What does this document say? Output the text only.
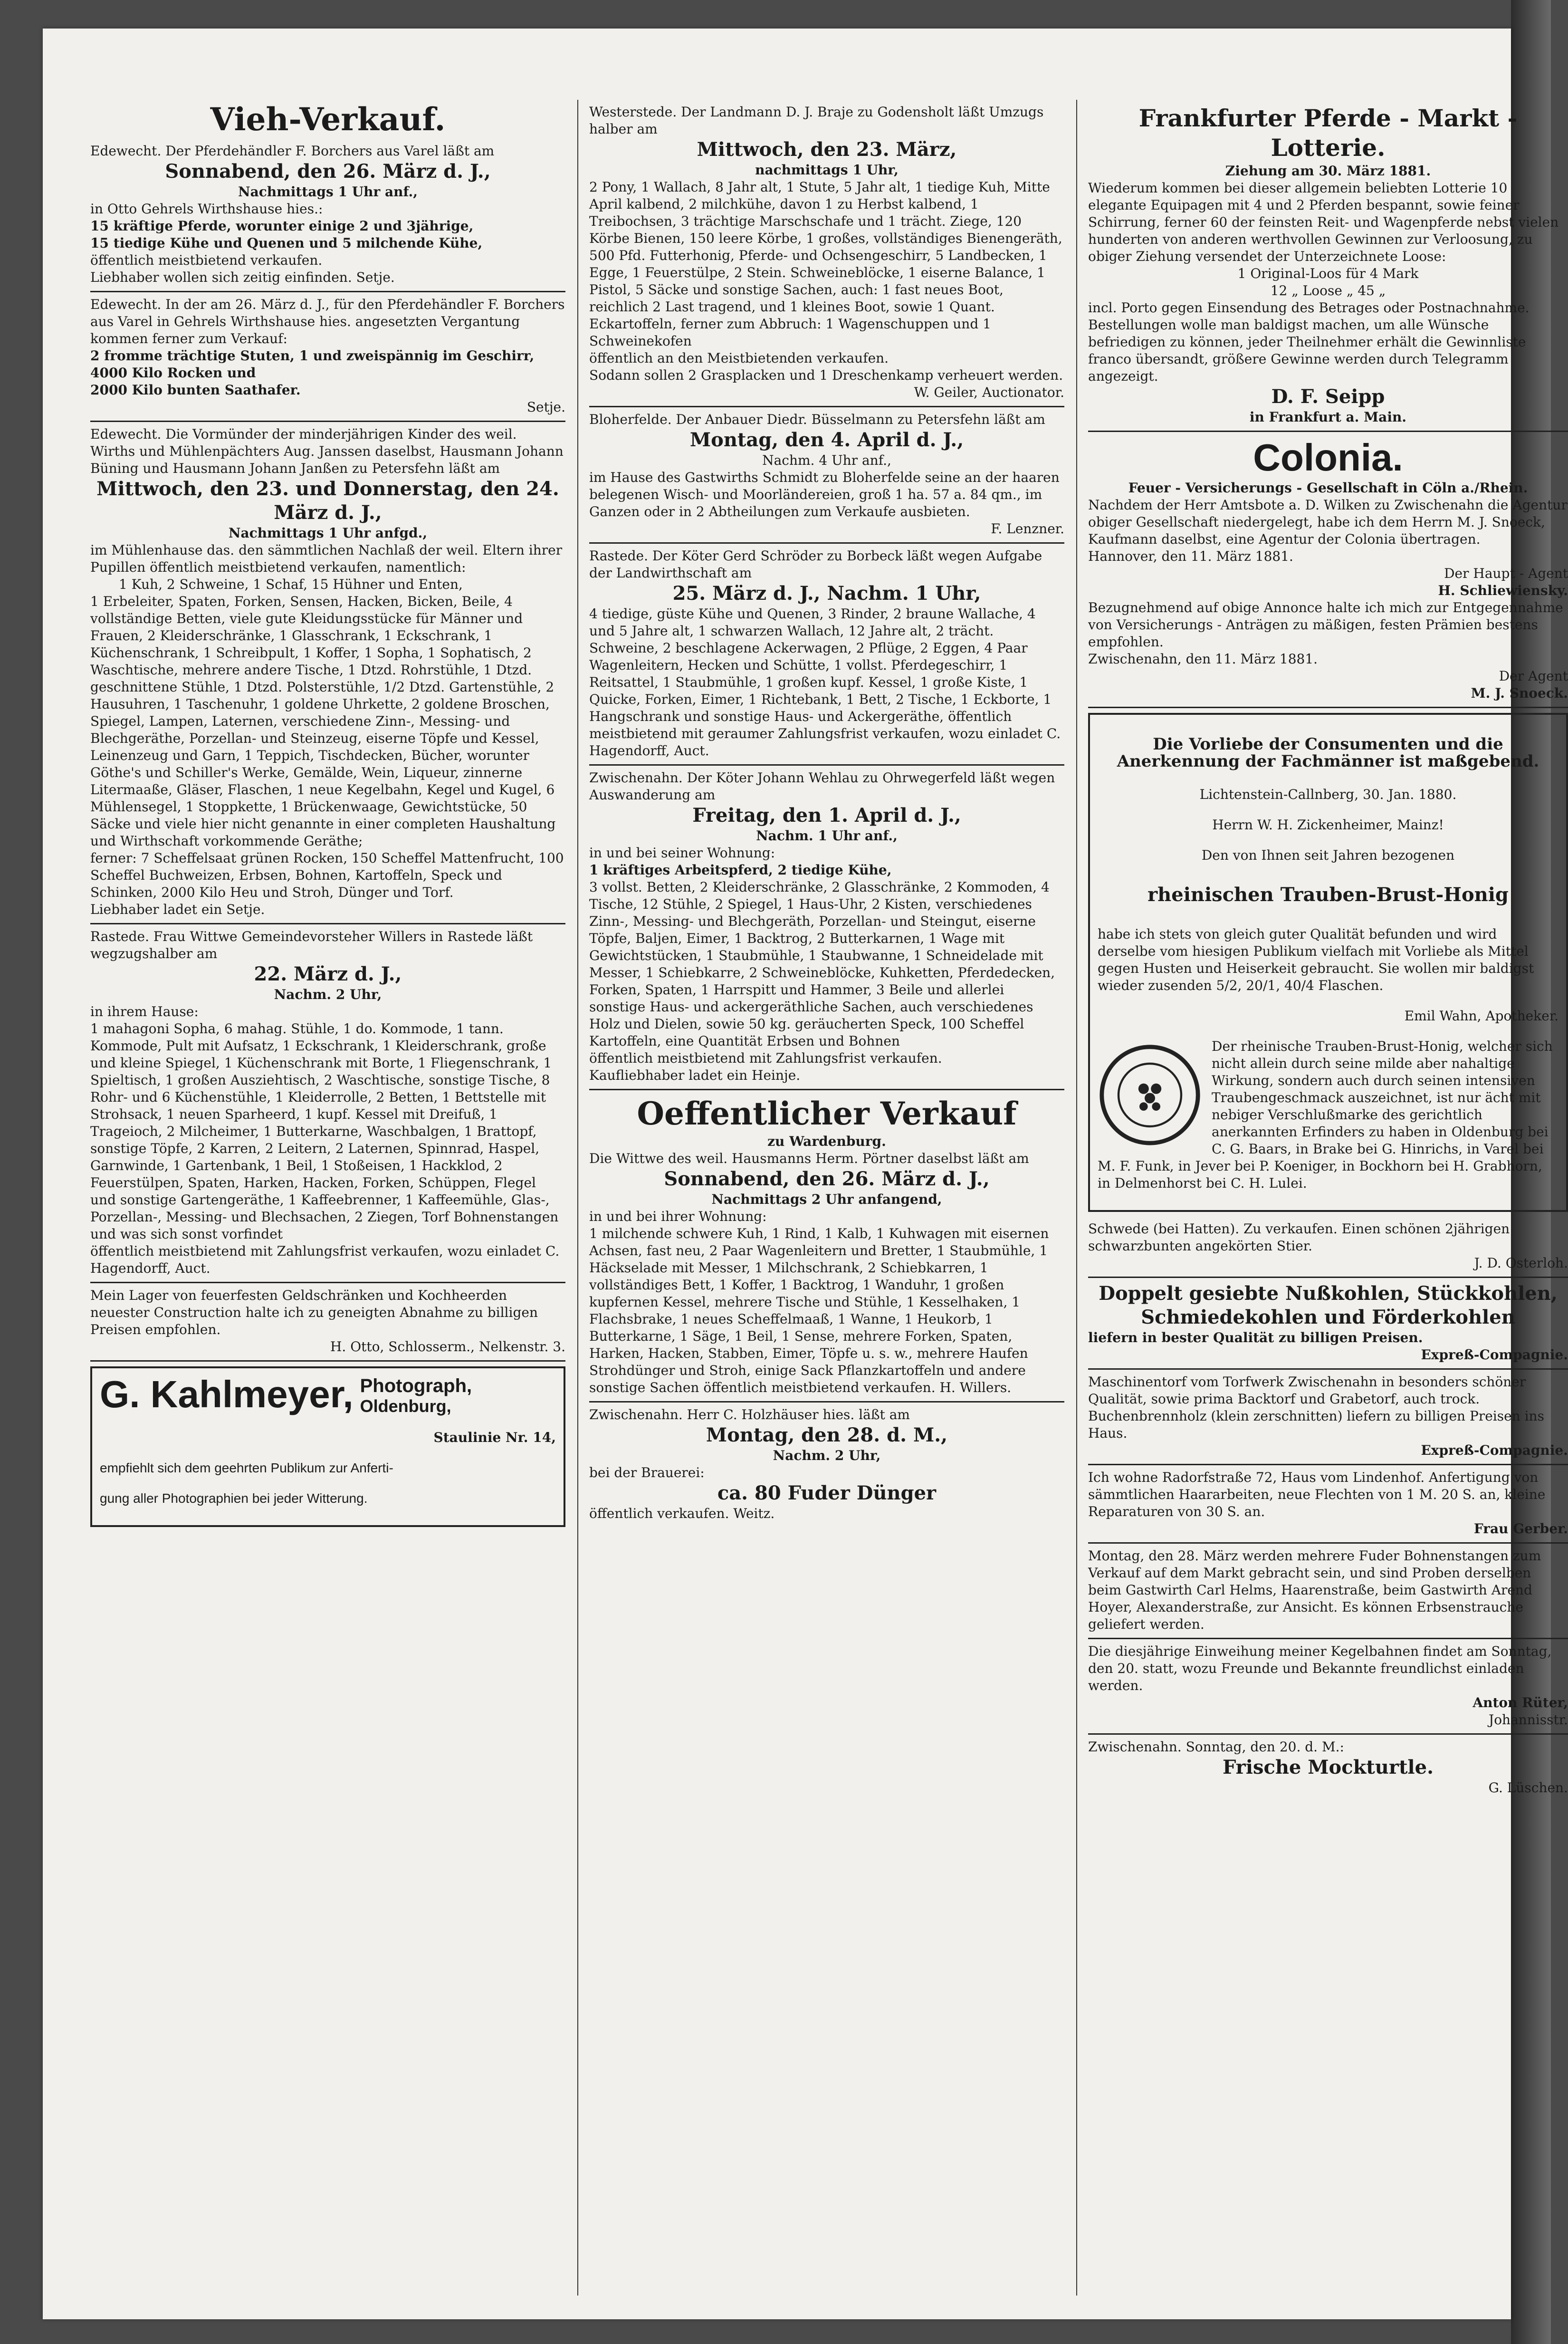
Vieh-Verkauf.

Edewecht. Der Pferdehändler F. Borchers aus Varel läßt am

Sonnabend, den 26. März d. J.,

Nachmittags 1 Uhr anf.,

in Otto Gehrels Wirthshause hies.:

15 kräftige Pferde, worunter einige 2 und 3jährige,

15 tiedige Kühe und Quenen und 5 milchende Kühe,

öffentlich meistbietend verkaufen.

Liebhaber wollen sich zeitig einfinden. Setje.

Edewecht. In der am 26. März d. J., für den Pferdehändler F. Borchers aus Varel in Gehrels Wirthshause hies. angesetzten Vergantung kommen ferner zum Verkauf:

2 fromme trächtige Stuten, 1 und zweispännig im Geschirr,

4000 Kilo Rocken und

2000 Kilo bunten Saathafer.

Setje.

Edewecht. Die Vormünder der minderjährigen Kinder des weil. Wirths und Mühlenpächters Aug. Janssen daselbst, Hausmann Johann Büning und Hausmann Johann Janßen zu Petersfehn läßt am

Mittwoch, den 23. und Donnerstag, den 24. März d. J.,

Nachmittags 1 Uhr anfgd.,

im Mühlenhause das. den sämmtlichen Nachlaß der weil. Eltern ihrer Pupillen öffentlich meistbietend verkaufen, namentlich:

1 Kuh, 2 Schweine, 1 Schaf, 15 Hühner und Enten,

1 Erbeleiter, Spaten, Forken, Sensen, Hacken, Bicken, Beile, 4 vollständige Betten, viele gute Kleidungsstücke für Männer und Frauen, 2 Kleiderschränke, 1 Glasschrank, 1 Eckschrank, 1 Küchenschrank, 1 Schreibpult, 1 Koffer, 1 Sopha, 1 Sophatisch, 2 Waschtische, mehrere andere Tische, 1 Dtzd. Rohrstühle, 1 Dtzd. geschnittene Stühle, 1 Dtzd. Polsterstühle, 1/2 Dtzd. Gartenstühle, 2 Hausuhren, 1 Taschenuhr, 1 goldene Uhrkette, 2 goldene Broschen, Spiegel, Lampen, Laternen, verschiedene Zinn-, Messing- und Blechgeräthe, Porzellan- und Steinzeug, eiserne Töpfe und Kessel, Leinenzeug und Garn, 1 Teppich, Tischdecken, Bücher, worunter Göthe's und Schiller's Werke, Gemälde, Wein, Liqueur, zinnerne Litermaaße, Gläser, Flaschen, 1 neue Kegelbahn, Kegel und Kugel, 6 Mühlensegel, 1 Stoppkette, 1 Brückenwaage, Gewichtstücke, 50 Säcke und viele hier nicht genannte in einer completen Haushaltung und Wirthschaft vorkommende Geräthe;

ferner: 7 Scheffelsaat grünen Rocken, 150 Scheffel Mattenfrucht, 100 Scheffel Buchweizen, Erbsen, Bohnen, Kartoffeln, Speck und Schinken, 2000 Kilo Heu und Stroh, Dünger und Torf.

Liebhaber ladet ein Setje.

Rastede. Frau Wittwe Gemeindevorsteher Willers in Rastede läßt wegzugshalber am

22. März d. J.,

Nachm. 2 Uhr,

in ihrem Hause:

1 mahagoni Sopha, 6 mahag. Stühle, 1 do. Kommode, 1 tann. Kommode, Pult mit Aufsatz, 1 Eckschrank, 1 Kleiderschrank, große und kleine Spiegel, 1 Küchenschrank mit Borte, 1 Fliegenschrank, 1 Spieltisch, 1 großen Ausziehtisch, 2 Waschtische, sonstige Tische, 8 Rohr- und 6 Küchenstühle, 1 Kleiderrolle, 2 Betten, 1 Bettstelle mit Strohsack, 1 neuen Sparheerd, 1 kupf. Kessel mit Dreifuß, 1 Trageioch, 2 Milcheimer, 1 Butterkarne, Waschbalgen, 1 Brattopf, sonstige Töpfe, 2 Karren, 2 Leitern, 2 Laternen, Spinnrad, Haspel, Garnwinde, 1 Gartenbank, 1 Beil, 1 Stoßeisen, 1 Hackklod, 2 Feuerstülpen, Spaten, Harken, Hacken, Forken, Schüppen, Flegel und sonstige Gartengeräthe, 1 Kaffeebrenner, 1 Kaffeemühle, Glas-, Porzellan-, Messing- und Blechsachen, 2 Ziegen, Torf Bohnenstangen und was sich sonst vorfindet

öffentlich meistbietend mit Zahlungsfrist verkaufen, wozu einladet C. Hagendorff, Auct.

Mein Lager von feuerfesten Geldschränken und Kochheerden neuester Construction halte ich zu geneigten Abnahme zu billigen Preisen empfohlen.

H. Otto, Schlosserm., Nelkenstr. 3.

G. Kahlmeyer, Photograph,
Oldenburg,

Staulinie Nr. 14,

empfiehlt sich dem geehrten Publikum zur Anferti-

gung aller Photographien bei jeder Witterung.

Westerstede. Der Landmann D. J. Braje zu Godensholt läßt Umzugs halber am

Mittwoch, den 23. März,

nachmittags 1 Uhr,

2 Pony, 1 Wallach, 8 Jahr alt, 1 Stute, 5 Jahr alt, 1 tiedige Kuh, Mitte April kalbend, 2 milchkühe, davon 1 zu Herbst kalbend, 1 Treibochsen, 3 trächtige Marschschafe und 1 trächt. Ziege, 120 Körbe Bienen, 150 leere Körbe, 1 großes, vollständiges Bienengeräth, 500 Pfd. Futterhonig, Pferde- und Ochsengeschirr, 5 Landbecken, 1 Egge, 1 Feuerstülpe, 2 Stein. Schweineblöcke, 1 eiserne Balance, 1 Pistol, 5 Säcke und sonstige Sachen, auch: 1 fast neues Boot, reichlich 2 Last tragend, und 1 kleines Boot, sowie 1 Quant. Eckartoffeln, ferner zum Abbruch: 1 Wagenschuppen und 1 Schweinekofen

öffentlich an den Meistbietenden verkaufen.

Sodann sollen 2 Grasplacken und 1 Dreschenkamp verheuert werden.

W. Geiler, Auctionator.

Bloherfelde. Der Anbauer Diedr. Büsselmann zu Petersfehn läßt am

Montag, den 4. April d. J.,

Nachm. 4 Uhr anf.,

im Hause des Gastwirths Schmidt zu Bloherfelde seine an der haaren belegenen Wisch- und Moorländereien, groß 1 ha. 57 a. 84 qm., im Ganzen oder in 2 Abtheilungen zum Verkaufe ausbieten.

F. Lenzner.

Rastede. Der Köter Gerd Schröder zu Borbeck läßt wegen Aufgabe der Landwirthschaft am

25. März d. J., Nachm. 1 Uhr,

4 tiedige, güste Kühe und Quenen, 3 Rinder, 2 braune Wallache, 4 und 5 Jahre alt, 1 schwarzen Wallach, 12 Jahre alt, 2 trächt. Schweine, 2 beschlagene Ackerwagen, 2 Pflüge, 2 Eggen, 4 Paar Wagenleitern, Hecken und Schütte, 1 vollst. Pferdegeschirr, 1 Reitsattel, 1 Staubmühle, 1 großen kupf. Kessel, 1 große Kiste, 1 Quicke, Forken, Eimer, 1 Richtebank, 1 Bett, 2 Tische, 1 Eckborte, 1 Hangschrank und sonstige Haus- und Ackergeräthe, öffentlich meistbietend mit geraumer Zahlungsfrist verkaufen, wozu einladet C. Hagendorff, Auct.

Zwischenahn. Der Köter Johann Wehlau zu Ohrwegerfeld läßt wegen Auswanderung am

Freitag, den 1. April d. J.,

Nachm. 1 Uhr anf.,

in und bei seiner Wohnung:

1 kräftiges Arbeitspferd, 2 tiedige Kühe,

3 vollst. Betten, 2 Kleiderschränke, 2 Glasschränke, 2 Kommoden, 4 Tische, 12 Stühle, 2 Spiegel, 1 Haus-Uhr, 2 Kisten, verschiedenes Zinn-, Messing- und Blechgeräth, Porzellan- und Steingut, eiserne Töpfe, Baljen, Eimer, 1 Backtrog, 2 Butterkarnen, 1 Wage mit Gewichtstücken, 1 Staubmühle, 1 Staubwanne, 1 Schneidelade mit Messer, 1 Schiebkarre, 2 Schweineblöcke, Kuhketten, Pferdedecken, Forken, Spaten, 1 Harrspitt und Hammer, 3 Beile und allerlei sonstige Haus- und ackergeräthliche Sachen, auch verschiedenes Holz und Dielen, sowie 50 kg. geräucherten Speck, 100 Scheffel Kartoffeln, eine Quantität Erbsen und Bohnen

öffentlich meistbietend mit Zahlungsfrist verkaufen.

Kaufliebhaber ladet ein Heinje.

Oeffentlicher Verkauf

zu Wardenburg.

Die Wittwe des weil. Hausmanns Herm. Pörtner daselbst läßt am

Sonnabend, den 26. März d. J.,

Nachmittags 2 Uhr anfangend,

in und bei ihrer Wohnung:

1 milchende schwere Kuh, 1 Rind, 1 Kalb, 1 Kuhwagen mit eisernen Achsen, fast neu, 2 Paar Wagenleitern und Bretter, 1 Staubmühle, 1 Häckselade mit Messer, 1 Milchschrank, 2 Schiebkarren, 1 vollständiges Bett, 1 Koffer, 1 Backtrog, 1 Wanduhr, 1 großen kupfernen Kessel, mehrere Tische und Stühle, 1 Kesselhaken, 1 Flachsbrake, 1 neues Scheffelmaaß, 1 Wanne, 1 Heukorb, 1 Butterkarne, 1 Säge, 1 Beil, 1 Sense, mehrere Forken, Spaten, Harken, Hacken, Stabben, Eimer, Töpfe u. s. w., mehrere Haufen Strohdünger und Stroh, einige Sack Pflanzkartoffeln und andere sonstige Sachen öffentlich meistbietend verkaufen. H. Willers.

Zwischenahn. Herr C. Holzhäuser hies. läßt am

Montag, den 28. d. M.,

Nachm. 2 Uhr,

bei der Brauerei:

ca. 80 Fuder Dünger

öffentlich verkaufen. Weitz.

Frankfurter Pferde - Markt - Lotterie.

Ziehung am 30. März 1881.

Wiederum kommen bei dieser allgemein beliebten Lotterie 10 elegante Equipagen mit 4 und 2 Pferden bespannt, sowie feiner Schirrung, ferner 60 der feinsten Reit- und Wagenpferde nebst vielen hunderten von anderen werthvollen Gewinnen zur Verloosung, zu obiger Ziehung versendet der Unterzeichnete Loose:

1 Original-Loos für 4 Mark

12 „ Loose „ 45 „

incl. Porto gegen Einsendung des Betrages oder Postnachnahme.

Bestellungen wolle man baldigst machen, um alle Wünsche befriedigen zu können, jeder Theilnehmer erhält die Gewinnliste franco übersandt, größere Gewinne werden durch Telegramm angezeigt.

D. F. Seipp

in Frankfurt a. Main.

Colonia.

Feuer - Versicherungs - Gesellschaft in Cöln a./Rhein.

Nachdem der Herr Amtsbote a. D. Wilken zu Zwischenahn die Agentur obiger Gesellschaft niedergelegt, habe ich dem Herrn M. J. Snoeck, Kaufmann daselbst, eine Agentur der Colonia übertragen.

Hannover, den 11. März 1881.

Der Haupt - Agent

H. Schliewiensky.

Bezugnehmend auf obige Annonce halte ich mich zur Entgegennahme von Versicherungs - Anträgen zu mäßigen, festen Prämien bestens empfohlen.

Zwischenahn, den 11. März 1881.

Der Agent

M. J. Snoeck.

Die Vorliebe der Consumenten und die Anerkennung der Fachmänner ist maßgebend.

Lichtenstein-Callnberg, 30. Jan. 1880.

Herrn W. H. Zickenheimer, Mainz!

Den von Ihnen seit Jahren bezogenen

rheinischen Trauben-Brust-Honig

habe ich stets von gleich guter Qualität befunden und wird derselbe vom hiesigen Publikum vielfach mit Vorliebe als Mittel gegen Husten und Heiserkeit gebraucht. Sie wollen mir baldigst wieder zusenden 5/2, 20/1, 40/4 Flaschen.

Emil Wahn, Apotheker.

Der rheinische Trauben-Brust-Honig, welcher sich nicht allein durch seine milde aber nahaltige Wirkung, sondern auch durch seinen intensiven Traubengeschmack auszeichnet, ist nur ächt mit nebiger Verschlußmarke des gerichtlich anerkannten Erfinders zu haben in Oldenburg bei C. G. Baars, in Brake bei G. Hinrichs, in Varel bei M. F. Funk, in Jever bei P. Koeniger, in Bockhorn bei H. Grabhorn, in Delmenhorst bei C. H. Lulei.

Schwede (bei Hatten). Zu verkaufen. Einen schönen 2jährigen schwarzbunten angekörten Stier.

J. D. Osterloh.

Doppelt gesiebte Nußkohlen, Stückkohlen, Schmiedekohlen und Förderkohlen

liefern in bester Qualität zu billigen Preisen.

Expreß-Compagnie.

Maschinentorf vom Torfwerk Zwischenahn in besonders schöner Qualität, sowie prima Backtorf und Grabetorf, auch trock. Buchenbrennholz (klein zerschnitten) liefern zu billigen Preisen ins Haus.

Expreß-Compagnie.

Ich wohne Radorfstraße 72, Haus vom Lindenhof. Anfertigung von sämmtlichen Haararbeiten, neue Flechten von 1 M. 20 S. an, kleine Reparaturen von 30 S. an.

Frau Gerber.

Montag, den 28. März werden mehrere Fuder Bohnenstangen zum Verkauf auf dem Markt gebracht sein, und sind Proben derselben beim Gastwirth Carl Helms, Haarenstraße, beim Gastwirth Arend Hoyer, Alexanderstraße, zur Ansicht. Es können Erbsenstrauche geliefert werden.

Die diesjährige Einweihung meiner Kegelbahnen findet am Sonntag, den 20. statt, wozu Freunde und Bekannte freundlichst einladen werden.

Anton Rüter,

Johannisstr.

Zwischenahn. Sonntag, den 20. d. M.:

Frische Mockturtle.

G. Lüschen.
